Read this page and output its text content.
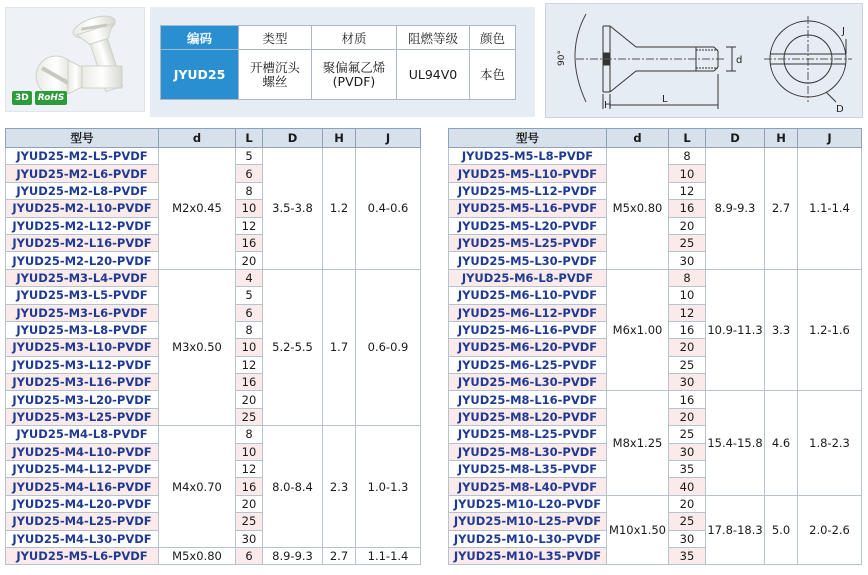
3D	RoHS
编码	类型	材质	阻燃等级	颜色
JYUD25	开槽沉头螺丝	聚偏氟乙烯(PVDF)	UL94V0	本色
90°
H
L
d
D
J
型号	d	L	D	H	J
JYUD25-M2-L5-PVDF	M2x0.45	5	3.5-3.8	1.2	0.4-0.6
JYUD25-M2-L6-PVDF		6			
JYUD25-M2-L8-PVDF		8			
JYUD25-M2-L10-PVDF		10			
JYUD25-M2-L12-PVDF		12			
JYUD25-M2-L16-PVDF		16			
JYUD25-M2-L20-PVDF		20			
JYUD25-M3-L4-PVDF	M3x0.50	4	5.2-5.5	1.7	0.6-0.9
JYUD25-M3-L5-PVDF		5			
JYUD25-M3-L6-PVDF		6			
JYUD25-M3-L8-PVDF		8			
JYUD25-M3-L10-PVDF		10			
JYUD25-M3-L12-PVDF		12			
JYUD25-M3-L16-PVDF		16			
JYUD25-M3-L20-PVDF		20			
JYUD25-M3-L25-PVDF		25			
JYUD25-M4-L8-PVDF	M4x0.70	8	8.0-8.4	2.3	1.0-1.3
JYUD25-M4-L10-PVDF		10			
JYUD25-M4-L12-PVDF		12			
JYUD25-M4-L16-PVDF		16			
JYUD25-M4-L20-PVDF		20			
JYUD25-M4-L25-PVDF		25			
JYUD25-M4-L30-PVDF		30			
JYUD25-M5-L6-PVDF	M5x0.80	6	8.9-9.3	2.7	1.1-1.4
型号	d	L	D	H	J
JYUD25-M5-L8-PVDF	M5x0.80	8	8.9-9.3	2.7	1.1-1.4
JYUD25-M5-L10-PVDF		10			
JYUD25-M5-L12-PVDF		12			
JYUD25-M5-L16-PVDF		16			
JYUD25-M5-L20-PVDF		20			
JYUD25-M5-L25-PVDF		25			
JYUD25-M5-L30-PVDF		30			
JYUD25-M6-L8-PVDF	M6x1.00	8	10.9-11.3	3.3	1.2-1.6
JYUD25-M6-L10-PVDF		10			
JYUD25-M6-L12-PVDF		12			
JYUD25-M6-L16-PVDF		16			
JYUD25-M6-L20-PVDF		20			
JYUD25-M6-L25-PVDF		25			
JYUD25-M6-L30-PVDF		30			
JYUD25-M8-L16-PVDF	M8x1.25	16	15.4-15.8	4.6	1.8-2.3
JYUD25-M8-L20-PVDF		20			
JYUD25-M8-L25-PVDF		25			
JYUD25-M8-L30-PVDF		30			
JYUD25-M8-L35-PVDF		35			
JYUD25-M8-L40-PVDF		40			
JYUD25-M10-L20-PVDF	M10x1.50	20	17.8-18.3	5.0	2.0-2.6
JYUD25-M10-L25-PVDF		25			
JYUD25-M10-L30-PVDF		30			
JYUD25-M10-L35-PVDF		35			
